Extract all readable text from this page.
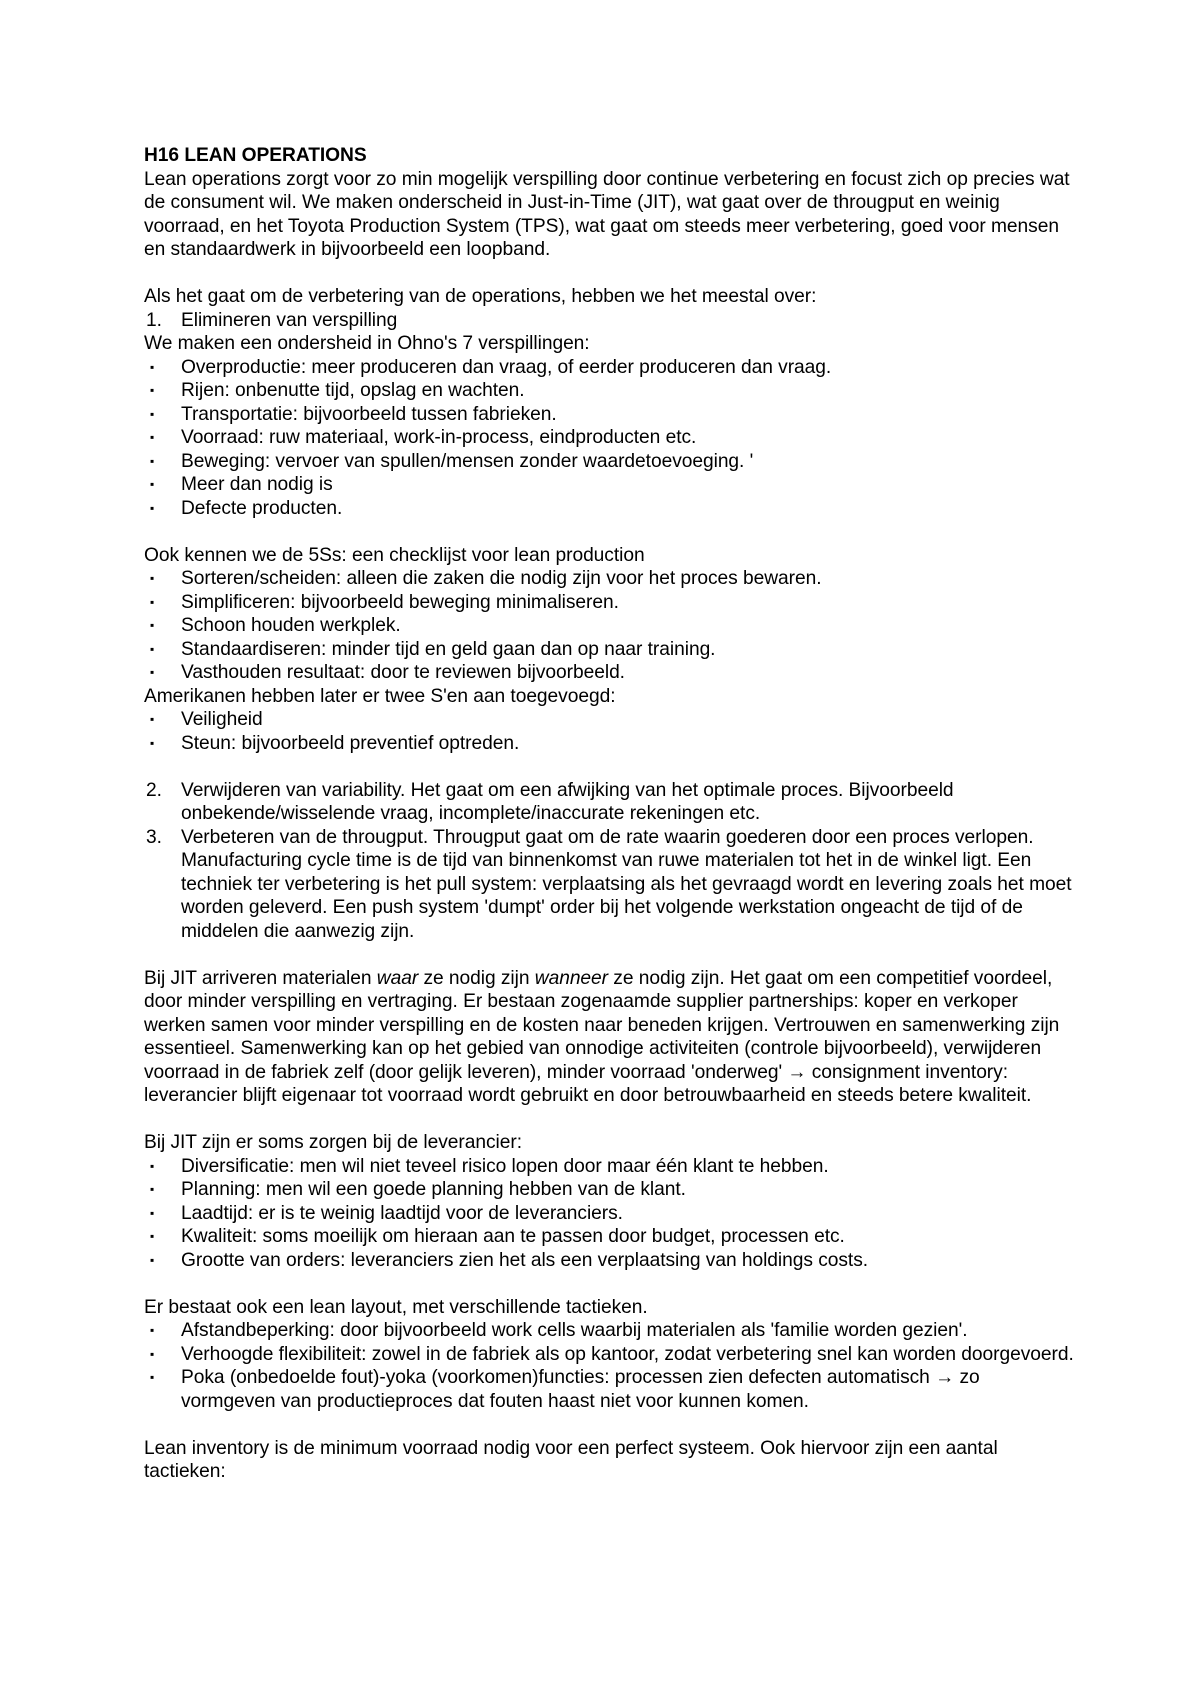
H16 LEAN OPERATIONS

Lean operations zorgt voor zo min mogelijk verspilling door continue verbetering en focust zich op precies wat de consument wil. We maken onderscheid in Just-in-Time (JIT), wat gaat over de througput en weinig voorraad, en het Toyota Production System (TPS), wat gaat om steeds meer verbetering, goed voor mensen en standaardwerk in bijvoorbeeld een loopband.

Als het gaat om de verbetering van de operations, hebben we het meestal over:

1. Elimineren van verspilling

We maken een ondersheid in Ohno's 7 verspillingen:

▪ Overproductie: meer produceren dan vraag, of eerder produceren dan vraag.
▪ Rijen: onbenutte tijd, opslag en wachten.
▪ Transportatie: bijvoorbeeld tussen fabrieken.
▪ Voorraad: ruw materiaal, work-in-process, eindproducten etc.
▪ Beweging: vervoer van spullen/mensen zonder waardetoevoeging. '
▪ Meer dan nodig is
▪ Defecte producten.

Ook kennen we de 5Ss: een checklijst voor lean production

▪ Sorteren/scheiden: alleen die zaken die nodig zijn voor het proces bewaren.
▪ Simplificeren: bijvoorbeeld beweging minimaliseren.
▪ Schoon houden werkplek.
▪ Standaardiseren: minder tijd en geld gaan dan op naar training.
▪ Vasthouden resultaat: door te reviewen bijvoorbeeld.

Amerikanen hebben later er twee S'en aan toegevoegd:

▪ Veiligheid
▪ Steun: bijvoorbeeld preventief optreden.
2. Verwijderen van variability. Het gaat om een afwijking van het optimale proces. Bijvoorbeeld onbekende/wisselende vraag, incomplete/inaccurate rekeningen etc.
3. Verbeteren van de througput. Througput gaat om de rate waarin goederen door een proces verlopen. Manufacturing cycle time is de tijd van binnenkomst van ruwe materialen tot het in de winkel ligt. Een techniek ter verbetering is het pull system: verplaatsing als het gevraagd wordt en levering zoals het moet worden geleverd. Een push system 'dumpt' order bij het volgende werkstation ongeacht de tijd of de middelen die aanwezig zijn.

Bij JIT arriveren materialen waar ze nodig zijn wanneer ze nodig zijn. Het gaat om een competitief voordeel, door minder verspilling en vertraging. Er bestaan zogenaamde supplier partnerships: koper en verkoper werken samen voor minder verspilling en de kosten naar beneden krijgen. Vertrouwen en samenwerking zijn essentieel. Samenwerking kan op het gebied van onnodige activiteiten (controle bijvoorbeeld), verwijderen voorraad in de fabriek zelf (door gelijk leveren), minder voorraad 'onderweg' → consignment inventory: leverancier blijft eigenaar tot voorraad wordt gebruikt en door betrouwbaarheid en steeds betere kwaliteit.

Bij JIT zijn er soms zorgen bij de leverancier:

▪ Diversificatie: men wil niet teveel risico lopen door maar één klant te hebben.
▪ Planning: men wil een goede planning hebben van de klant.
▪ Laadtijd: er is te weinig laadtijd voor de leveranciers.
▪ Kwaliteit: soms moeilijk om hieraan aan te passen door budget, processen etc.
▪ Grootte van orders: leveranciers zien het als een verplaatsing van holdings costs.

Er bestaat ook een lean layout, met verschillende tactieken.

▪ Afstandbeperking: door bijvoorbeeld work cells waarbij materialen als 'familie worden gezien'.
▪ Verhoogde flexibiliteit: zowel in de fabriek als op kantoor, zodat verbetering snel kan worden doorgevoerd.
▪ Poka (onbedoelde fout)-yoka (voorkomen)functies: processen zien defecten automatisch → zo vormgeven van productieproces dat fouten haast niet voor kunnen komen.

Lean inventory is de minimum voorraad nodig voor een perfect systeem. Ook hiervoor zijn een aantal tactieken:
